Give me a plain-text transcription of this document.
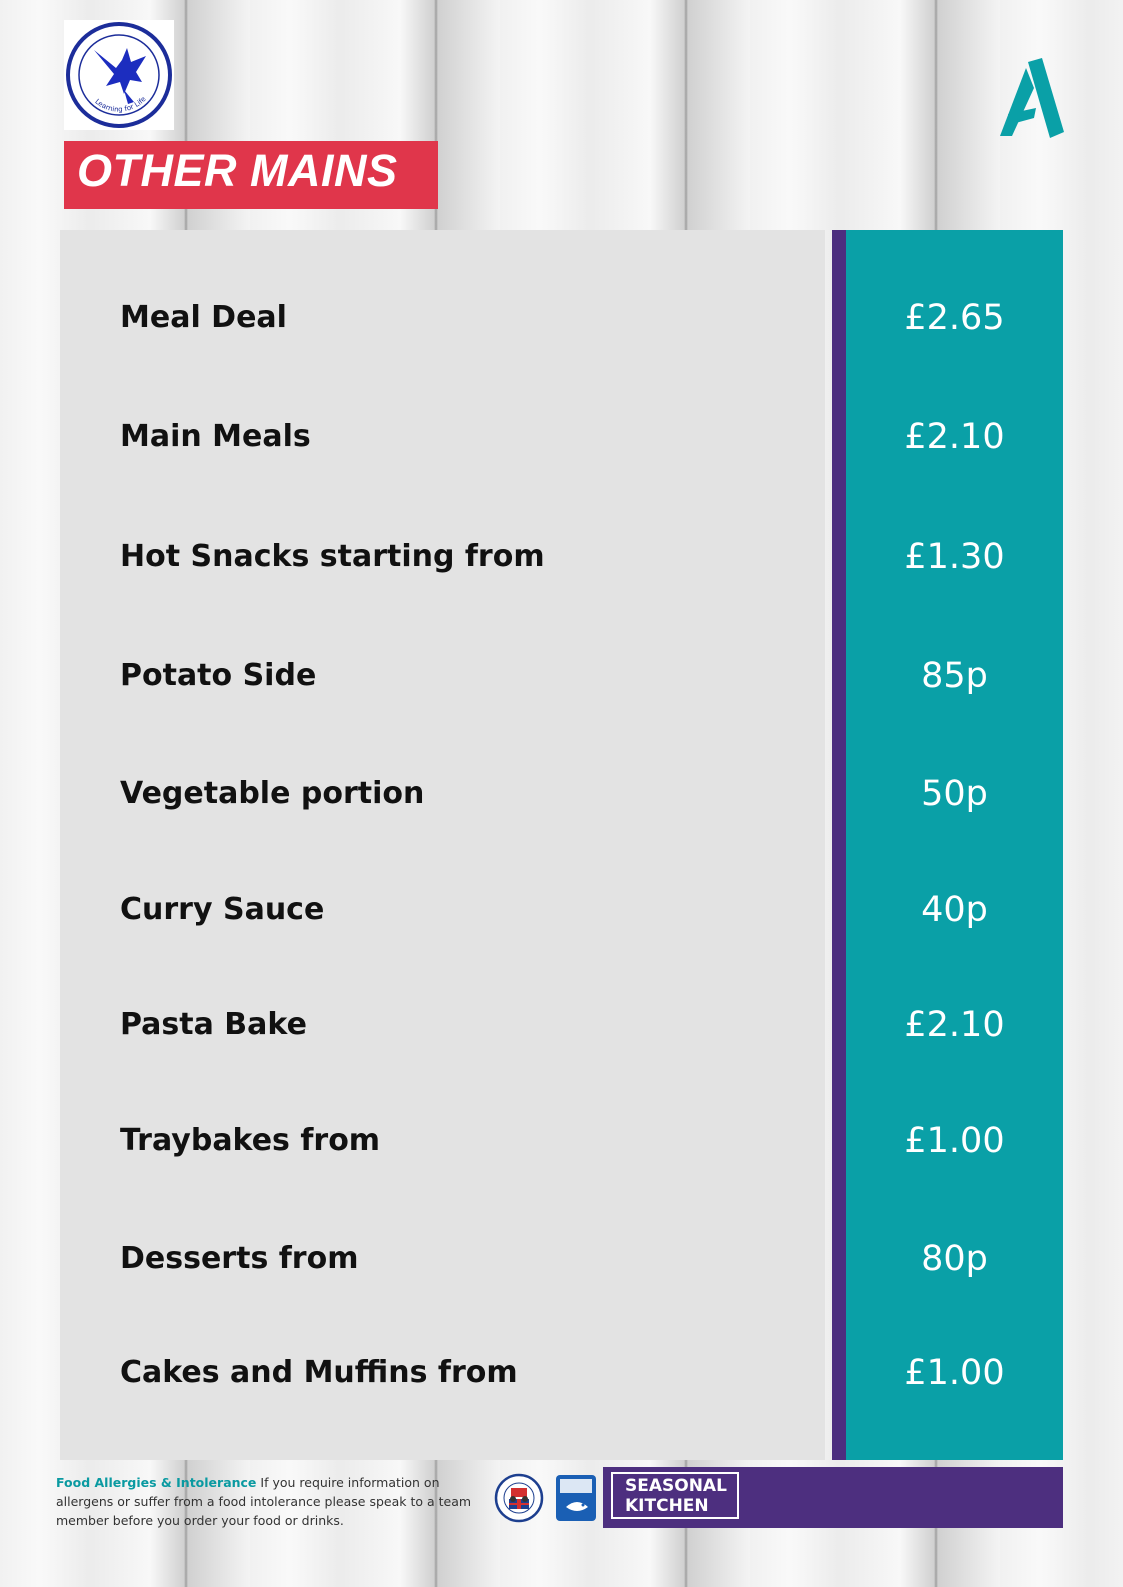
Learning for Life
OTHER MAINS
Meal Deal	£2.65
Main Meals	£2.10
Hot Snacks starting from	£1.30
Potato Side	85p
Vegetable portion	50p
Curry Sauce	40p
Pasta Bake	£2.10
Traybakes from	£1.00
Desserts from	80p
Cakes and Muffins from	£1.00
Food Allergies & Intolerance If you require information on allergens or suffer from a food intolerance please speak to a team member before you order your food or drinks.
SEASONAL
KITCHEN
